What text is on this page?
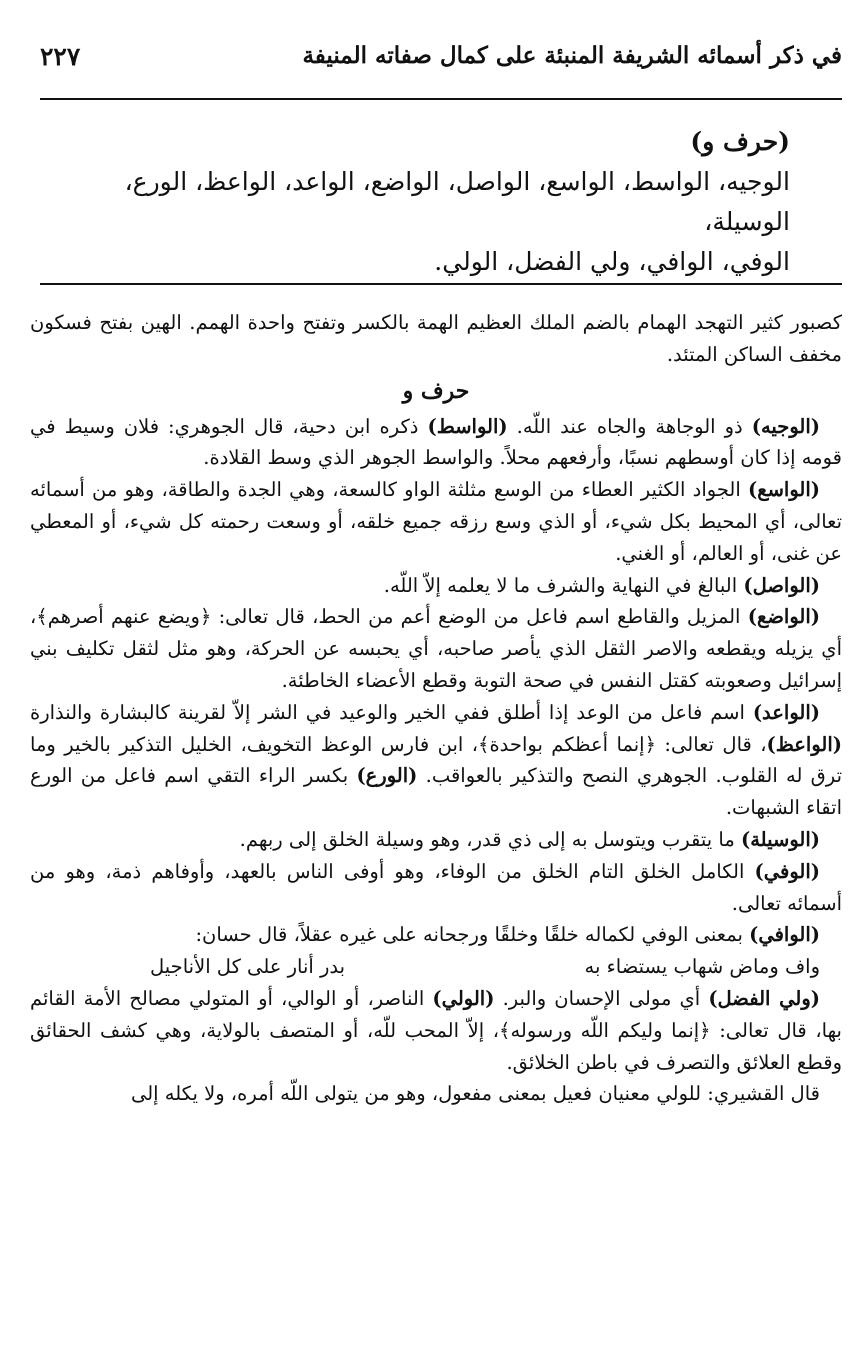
في ذكر أسمائه الشريفة المنبئة على كمال صفاته المنيفة
٢٢٧
(حرف و)
الوجيه، الواسط، الواسع، الواصل، الواضع، الواعد، الواعظ، الورع، الوسيلة،
الوفي، الوافي، ولي الفضل، الولي.

كصبور كثير التهجد الهمام بالضم الملك العظيم الهمة بالكسر وتفتح واحدة الهمم. الهين بفتح فسكون مخفف الساكن المتئد.

حرف و

(الوجيه) ذو الوجاهة والجاه عند اللّه. (الواسط) ذكره ابن دحية، قال الجوهري: فلان وسيط في قومه إذا كان أوسطهم نسبًا، وأرفعهم محلاً. والواسط الجوهر الذي وسط القلادة.

(الواسع) الجواد الكثير العطاء من الوسع مثلثة الواو كالسعة، وهي الجدة والطاقة، وهو من أسمائه تعالى، أي المحيط بكل شيء، أو الذي وسع رزقه جميع خلقه، أو وسعت رحمته كل شيء، أو المعطي عن غنى، أو العالم، أو الغني.

(الواصل) البالغ في النهاية والشرف ما لا يعلمه إلاّ اللّه.

(الواضع) المزيل والقاطع اسم فاعل من الوضع أعم من الحط، قال تعالى: ﴿ويضع عنهم أصرهم﴾، أي يزيله ويقطعه والاصر الثقل الذي يأصر صاحبه، أي يحبسه عن الحركة، وهو مثل لثقل تكليف بني إسرائيل وصعوبته كقتل النفس في صحة التوبة وقطع الأعضاء الخاطئة.

(الواعد) اسم فاعل من الوعد إذا أطلق ففي الخير والوعيد في الشر إلاّ لقرينة كالبشارة والنذارة (الواعظ)، قال تعالى: ﴿إنما أعظكم بواحدة﴾، ابن فارس الوعظ التخويف، الخليل التذكير بالخير وما ترق له القلوب. الجوهري النصح والتذكير بالعواقب. (الورع) بكسر الراء التقي اسم فاعل من الورع اتقاء الشبهات.

(الوسيلة) ما يتقرب ويتوسل به إلى ذي قدر، وهو وسيلة الخلق إلى ربهم.

(الوفي) الكامل الخلق التام الخلق من الوفاء، وهو أوفى الناس بالعهد، وأوفاهم ذمة، وهو من أسمائه تعالى.

(الوافي) بمعنى الوفي لكماله خلقًا وخلقًا ورجحانه على غيره عقلاً، قال حسان:

واف وماض شهاب يستضاء به
بدر أنار على كل الأناجيل

(ولي الفضل) أي مولى الإحسان والبر. (الولي) الناصر، أو الوالي، أو المتولي مصالح الأمة القائم بها، قال تعالى: ﴿إنما وليكم اللّه ورسوله﴾، إلاّ المحب للّه، أو المتصف بالولاية، وهي كشف الحقائق وقطع العلائق والتصرف في باطن الخلائق.

قال القشيري: للولي معنيان فعيل بمعنى مفعول، وهو من يتولى اللّه أمره، ولا يكله إلى
